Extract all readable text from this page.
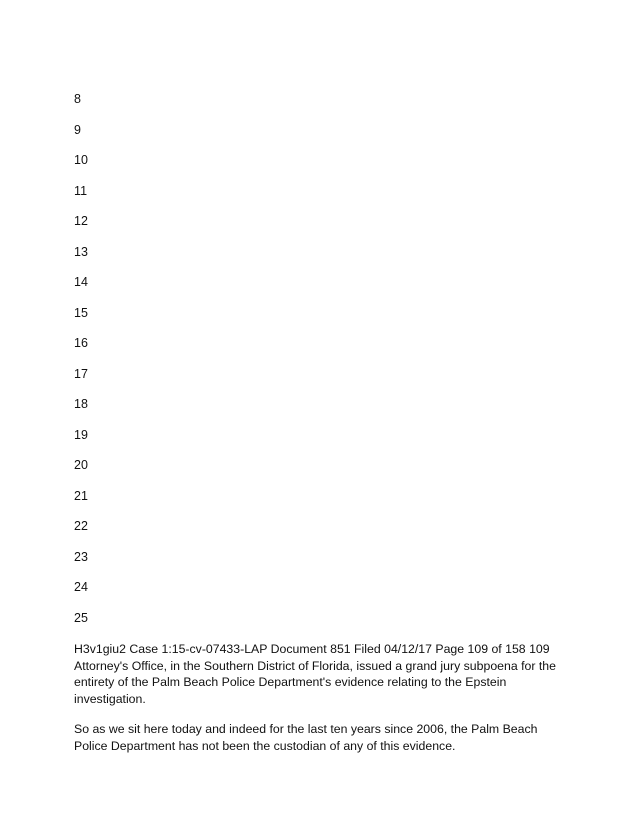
8
9
10
11
12
13
14
15
16
17
18
19
20
21
22
23
24
25

H3v1giu2 Case 1:15-cv-07433-LAP Document 851 Filed 04/12/17 Page 109 of 158 109 Attorney's Office, in the Southern District of Florida, issued a grand jury subpoena for the entirety of the Palm Beach Police Department's evidence relating to the Epstein investigation.

So as we sit here today and indeed for the last ten years since 2006, the Palm Beach Police Department has not been the custodian of any of this evidence.
